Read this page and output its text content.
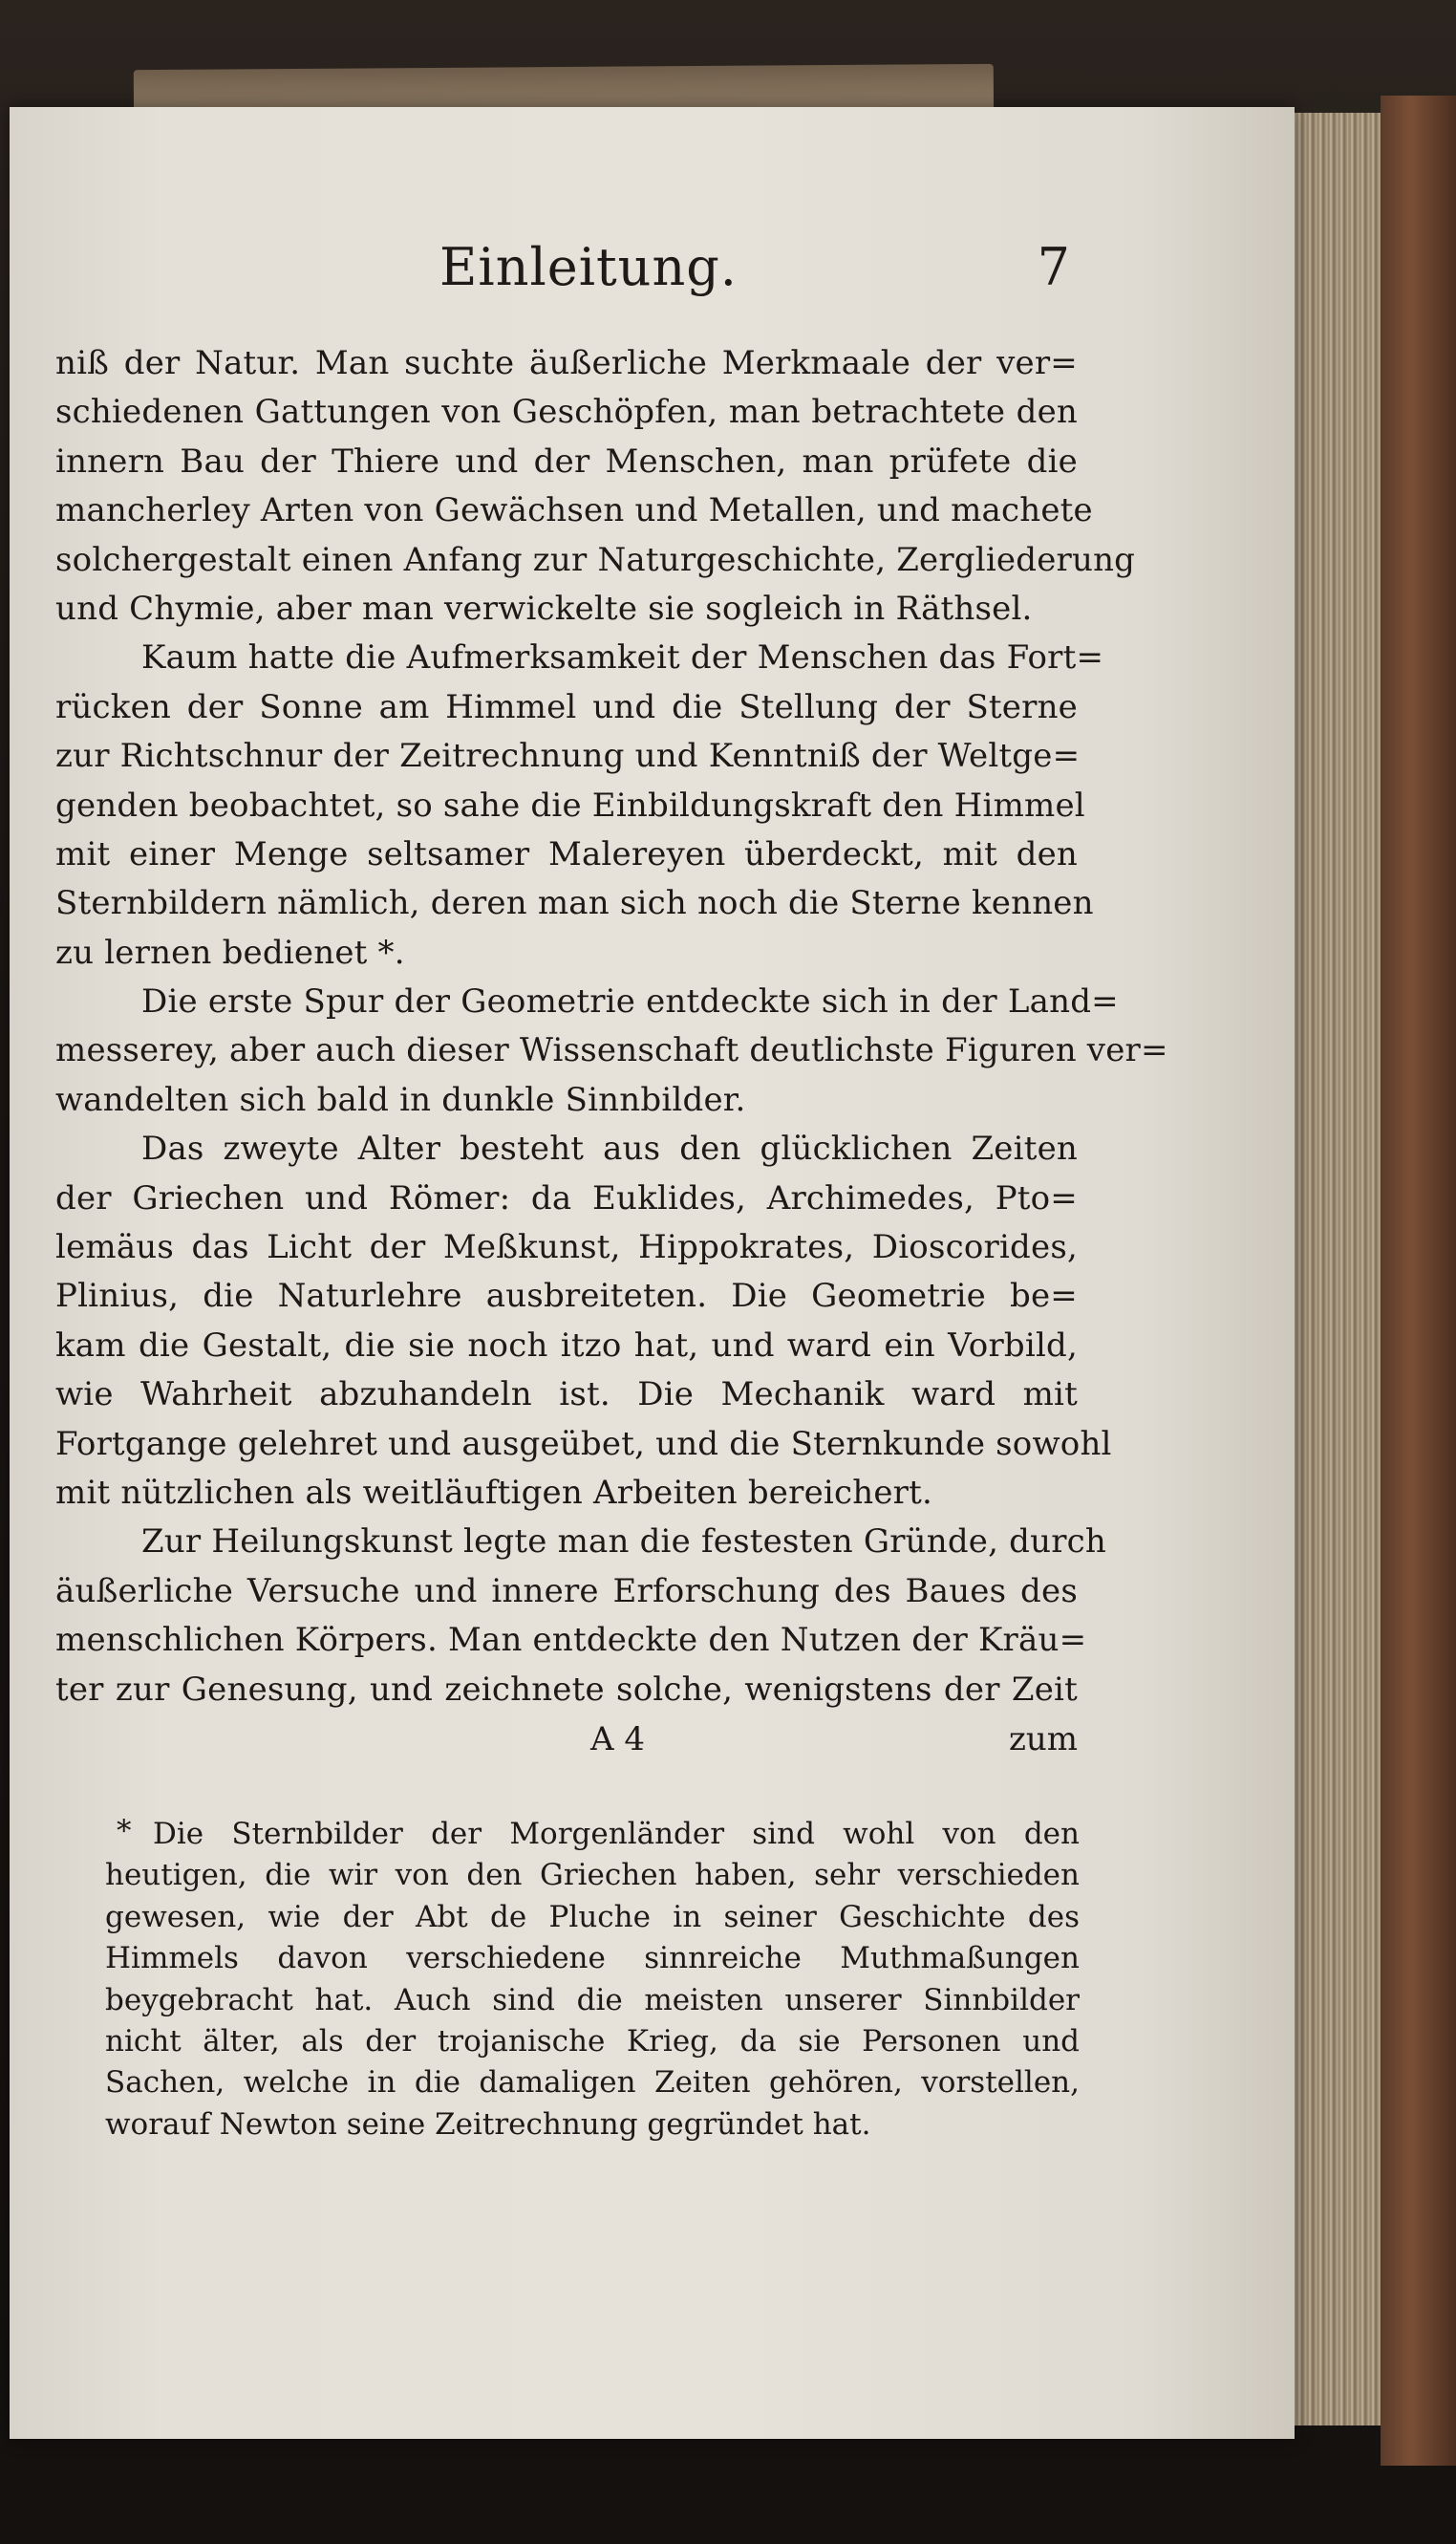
Einleitung.	7
niß der Natur. Man suchte äußerliche Merkmaale der ver=
schiedenen Gattungen von Geschöpfen, man betrachtete den
innern Bau der Thiere und der Menschen, man prüfete die
mancherley Arten von Gewächsen und Metallen, und machete
solchergestalt einen Anfang zur Naturgeschichte, Zergliederung
und Chymie, aber man verwickelte sie sogleich in Räthsel.
Kaum hatte die Aufmerksamkeit der Menschen das Fort=
rücken der Sonne am Himmel und die Stellung der Sterne
zur Richtschnur der Zeitrechnung und Kenntniß der Weltge=
genden beobachtet, so sahe die Einbildungskraft den Himmel
mit einer Menge seltsamer Malereyen überdeckt, mit den
Sternbildern nämlich, deren man sich noch die Sterne kennen
zu lernen bedienet *.
Die erste Spur der Geometrie entdeckte sich in der Land=
messerey, aber auch dieser Wissenschaft deutlichste Figuren ver=
wandelten sich bald in dunkle Sinnbilder.
Das zweyte Alter besteht aus den glücklichen Zeiten
der Griechen und Römer: da Euklides, Archimedes, Pto=
lemäus das Licht der Meßkunst, Hippokrates, Dioscorides,
Plinius, die Naturlehre ausbreiteten. Die Geometrie be=
kam die Gestalt, die sie noch itzo hat, und ward ein Vorbild,
wie Wahrheit abzuhandeln ist. Die Mechanik ward mit
Fortgange gelehret und ausgeübet, und die Sternkunde sowohl
mit nützlichen als weitläuftigen Arbeiten bereichert.
Zur Heilungskunst legte man die festesten Gründe, durch
äußerliche Versuche und innere Erforschung des Baues des
menschlichen Körpers. Man entdeckte den Nutzen der Kräu=
ter zur Genesung, und zeichnete solche, wenigstens der Zeit
A 4	zum
* Die Sternbilder der Morgenländer sind wohl von den
heutigen, die wir von den Griechen haben, sehr verschieden
gewesen, wie der Abt de Pluche in seiner Geschichte des
Himmels davon verschiedene sinnreiche Muthmaßungen
beygebracht hat. Auch sind die meisten unserer Sinnbilder
nicht älter, als der trojanische Krieg, da sie Personen und
Sachen, welche in die damaligen Zeiten gehören, vorstellen,
worauf Newton seine Zeitrechnung gegründet hat.
